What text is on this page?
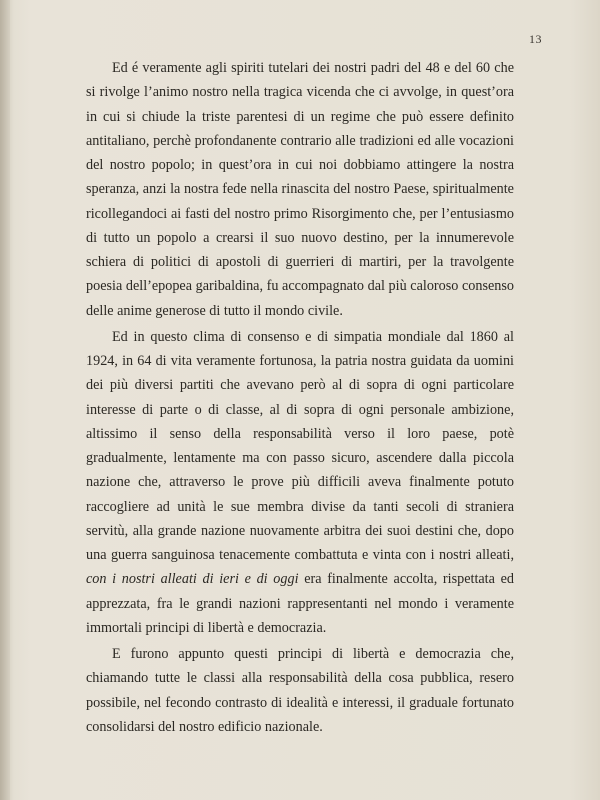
13

Ed é veramente agli spiriti tutelari dei nostri padri del 48 e del 60 che si rivolge l’animo nostro nella tragica vicenda che ci avvolge, in quest’ora in cui si chiude la triste parentesi di un regime che può essere definito antitaliano, perchè profondanente contrario alle tradizioni ed alle vocazioni del nostro popolo; in quest’ora in cui noi dobbiamo attingere la nostra speranza, anzi la nostra fede nella rinascita del nostro Paese, spiritualmente ricollegandoci ai fasti del nostro primo Risorgimento che, per l’entusiasmo di tutto un popolo a crearsi il suo nuovo destino, per la innumerevole schiera di politici di apostoli di guerrieri di martiri, per la travolgente poesia dell’epopea garibaldina, fu accompagnato dal più caloroso consenso delle anime generose di tutto il mondo civile.

Ed in questo clima di consenso e di simpatia mondiale dal 1860 al 1924, in 64 di vita veramente fortunosa, la patria nostra guidata da uomini dei più diversi partiti che avevano però al di sopra di ogni particolare interesse di parte o di classe, al di sopra di ogni personale ambizione, altissimo il senso della responsabilità verso il loro paese, potè gradualmente, lentamente ma con passo sicuro, ascendere dalla piccola nazione che, attraverso le prove più difficili aveva finalmente potuto raccogliere ad unità le sue membra divise da tanti secoli di straniera servitù, alla grande nazione nuovamente arbitra dei suoi destini che, dopo una guerra sanguinosa tenacemente combattuta e vinta con i nostri alleati, con i nostri alleati di ieri e di oggi era finalmente accolta, rispettata ed apprezzata, fra le grandi nazioni rappresentanti nel mondo i veramente immortali principi di libertà e democrazia.

E furono appunto questi principi di libertà e democrazia che, chiamando tutte le classi alla responsabilità della cosa pubblica, resero possibile, nel fecondo contrasto di idealità e interessi, il graduale fortunato consolidarsi del nostro edificio nazionale.
